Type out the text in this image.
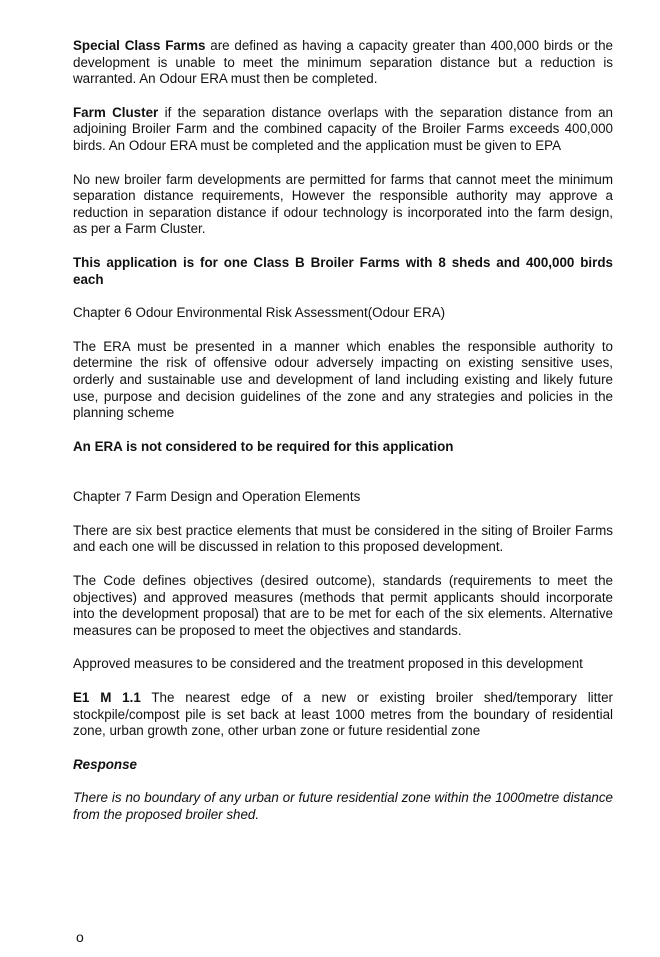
Special Class Farms are defined as having a capacity greater than 400,000 birds or the development is unable to meet the minimum separation distance but a reduction is warranted. An Odour ERA must then be completed.

Farm Cluster if the separation distance overlaps with the separation distance from an adjoining Broiler Farm and the combined capacity of the Broiler Farms exceeds 400,000 birds. An Odour ERA must be completed and the application must be given to EPA

No new broiler farm developments are permitted for farms that cannot meet the minimum separation distance requirements, However the responsible authority may approve a reduction in separation distance if odour technology is incorporated into the farm design, as per a Farm Cluster.

This application is for one Class B Broiler Farms with 8 sheds and 400,000 birds each

Chapter 6 Odour Environmental Risk Assessment(Odour ERA)

The ERA must be presented in a manner which enables the responsible authority to determine the risk of offensive odour adversely impacting on existing sensitive uses, orderly and sustainable use and development of land including existing and likely future use, purpose and decision guidelines of the zone and any strategies and policies in the planning scheme

An ERA is not considered to be required for this application

Chapter 7 Farm Design and Operation Elements

There are six best practice elements that must be considered in the siting of Broiler Farms and each one will be discussed in relation to this proposed development.

The Code defines objectives (desired outcome), standards (requirements to meet the objectives) and approved measures (methods that permit applicants should incorporate into the development proposal) that are to be met for each of the six elements. Alternative measures can be proposed to meet the objectives and standards.

Approved measures to be considered and the treatment proposed in this development

E1 M 1.1 The nearest edge of a new or existing broiler shed/temporary litter stockpile/compost pile is set back at least 1000 metres from the boundary of residential zone, urban growth zone, other urban zone or future residential zone

Response

There is no boundary of any urban or future residential zone within the 1000metre distance from the proposed broiler shed.

o
